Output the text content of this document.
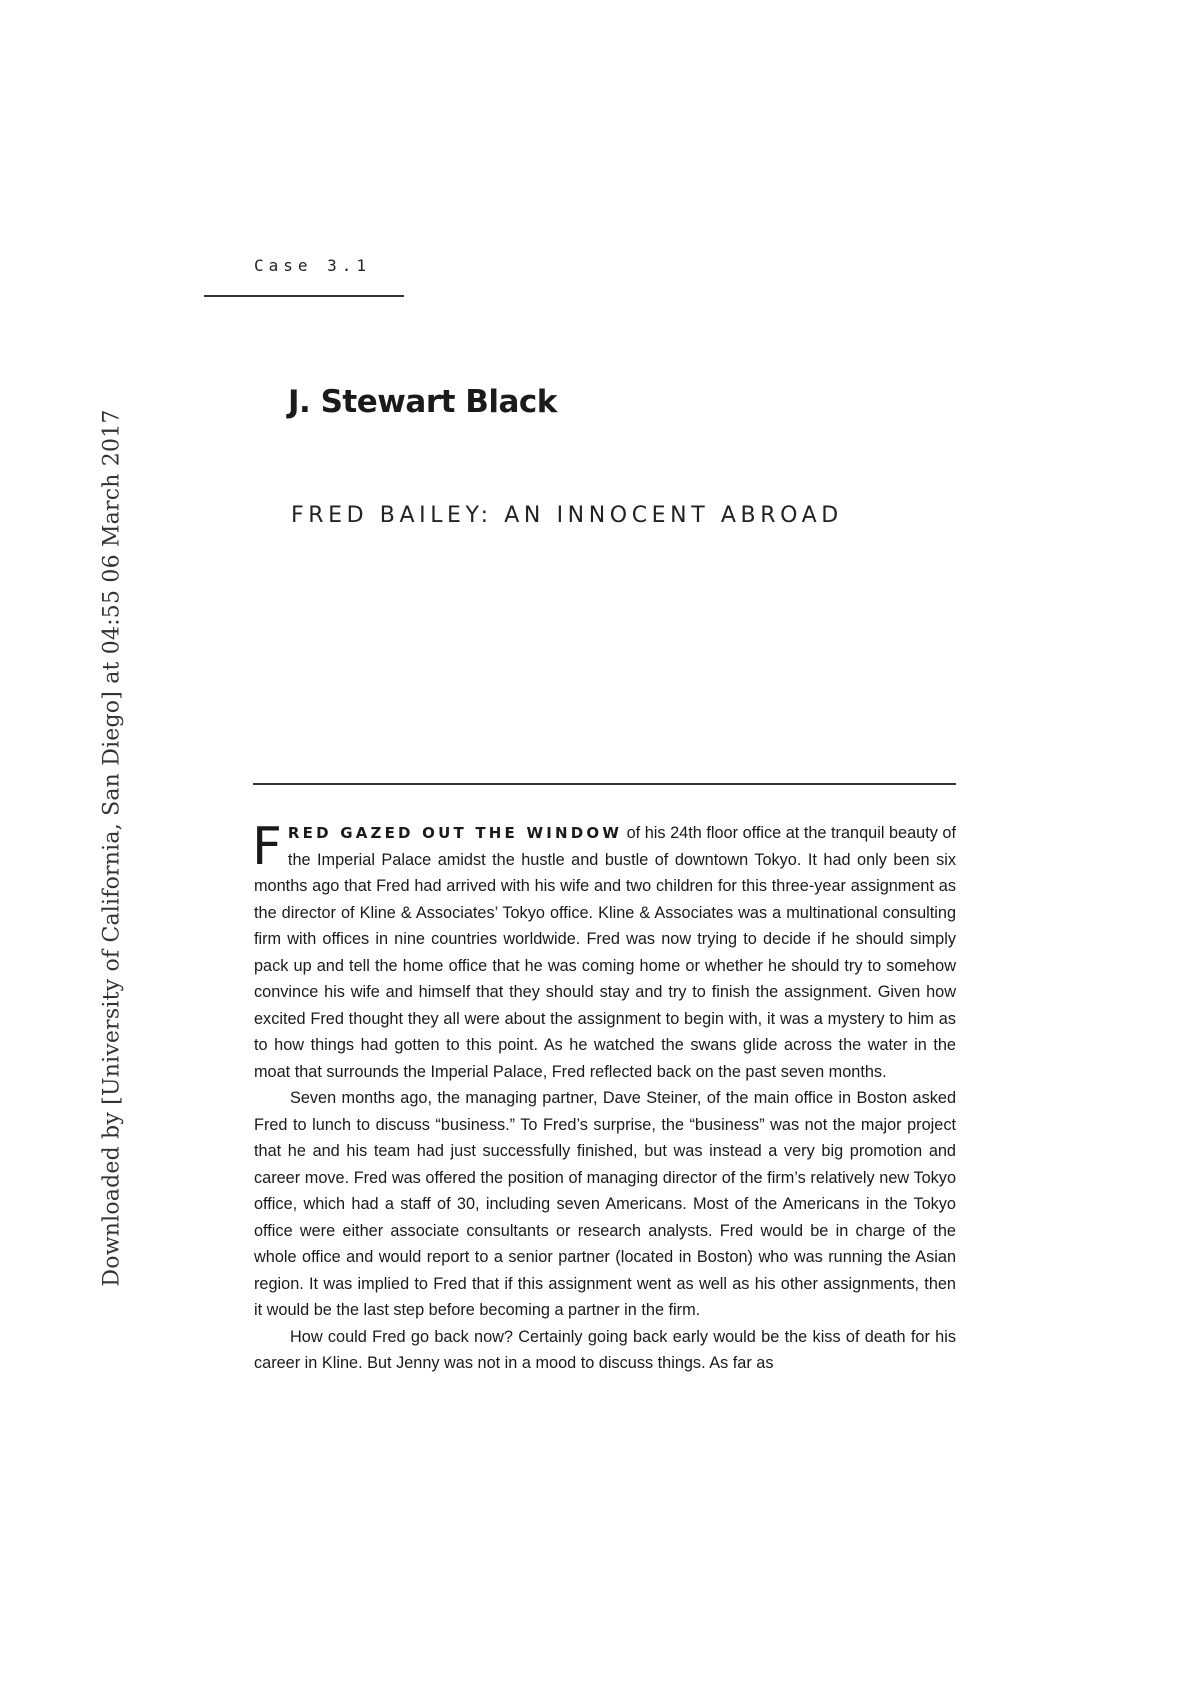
Downloaded by [University of California, San Diego] at 04:55 06 March 2017
Case 3.1
J. Stewart Black
FRED BAILEY: AN INNOCENT ABROAD

FRED GAZED OUT THE WINDOW of his 24th floor office at the tranquil beauty of the Imperial Palace amidst the hustle and bustle of downtown Tokyo. It had only been six months ago that Fred had arrived with his wife and two children for this three-year assignment as the director of Kline & Associates’ Tokyo office. Kline & Associates was a multinational consulting firm with offices in nine countries worldwide. Fred was now trying to decide if he should simply pack up and tell the home office that he was coming home or whether he should try to somehow convince his wife and himself that they should stay and try to finish the assignment. Given how excited Fred thought they all were about the assignment to begin with, it was a mystery to him as to how things had gotten to this point. As he watched the swans glide across the water in the moat that surrounds the Imperial Palace, Fred reflected back on the past seven months.

Seven months ago, the managing partner, Dave Steiner, of the main office in Boston asked Fred to lunch to discuss “business.” To Fred’s surprise, the “business” was not the major project that he and his team had just successfully finished, but was instead a very big promotion and career move. Fred was offered the position of managing director of the firm’s relatively new Tokyo office, which had a staff of 30, including seven Americans. Most of the Americans in the Tokyo office were either associate consultants or research analysts. Fred would be in charge of the whole office and would report to a senior partner (located in Boston) who was running the Asian region. It was implied to Fred that if this assignment went as well as his other assignments, then it would be the last step before becoming a partner in the firm.

How could Fred go back now? Certainly going back early would be the kiss of death for his career in Kline. But Jenny was not in a mood to discuss things. As far as
